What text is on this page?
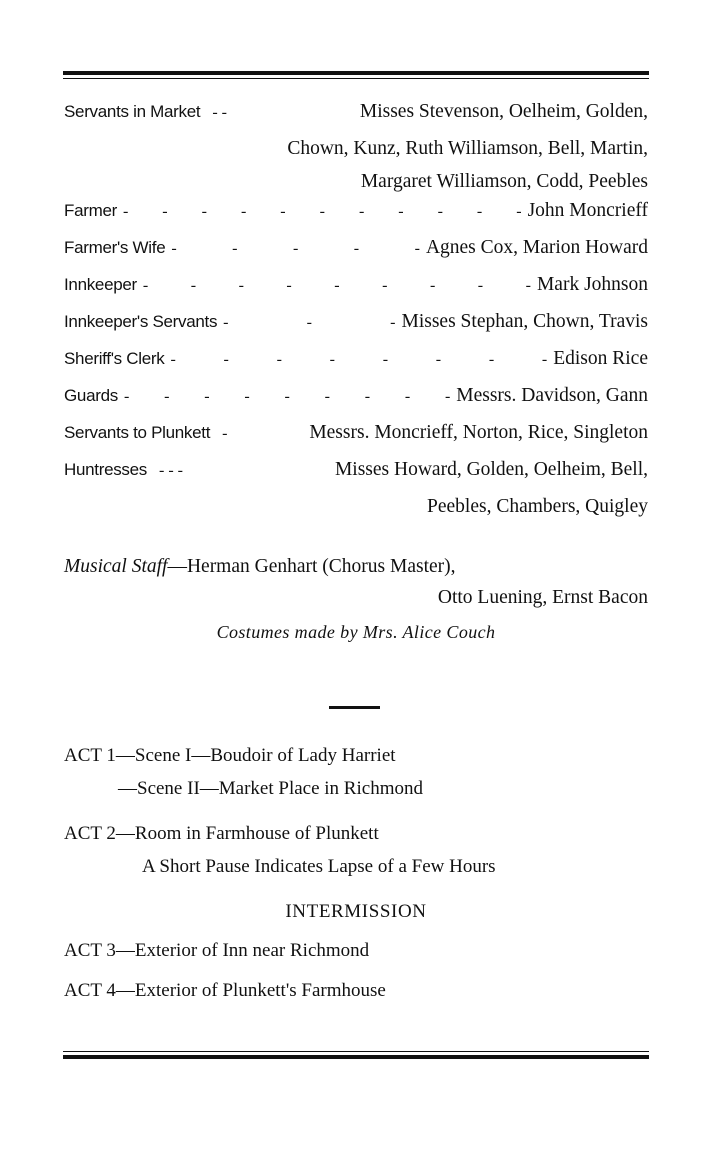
Servants in Market - -	Misses Stevenson, Oelheim, Golden,
Chown, Kunz, Ruth Williamson, Bell, Martin,
Margaret Williamson, Codd, Peebles
Farmer - - - - - - - - - - - John Moncrieff
Farmer's Wife - - - - - Agnes Cox, Marion Howard
Innkeeper - - - - - - - - - Mark Johnson
Innkeeper's Servants - - - Misses Stephan, Chown, Travis
Sheriff's Clerk - - - - - - - - Edison Rice
Guards - - - - - - - - - Messrs. Davidson, Gann
Servants to Plunkett -	Messrs. Moncrieff, Norton, Rice, Singleton
Huntresses - - -	Misses Howard, Golden, Oelheim, Bell,
Peebles, Chambers, Quigley
Musical Staff—Herman Genhart (Chorus Master),
Otto Luening, Ernst Bacon
Costumes made by Mrs. Alice Couch
ACT 1—Scene I—Boudoir of Lady Harriet
—Scene II—Market Place in Richmond
ACT 2—Room in Farmhouse of Plunkett
A Short Pause Indicates Lapse of a Few Hours
INTERMISSION
ACT 3—Exterior of Inn near Richmond
ACT 4—Exterior of Plunkett's Farmhouse
